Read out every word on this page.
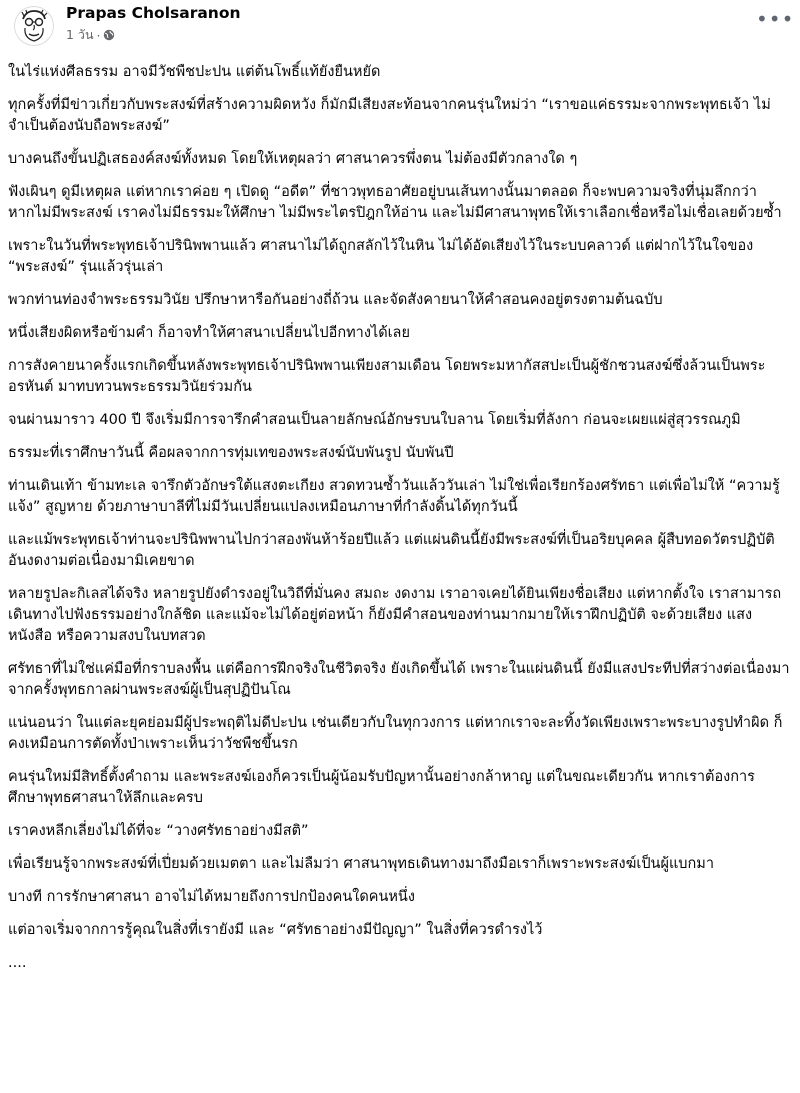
Prapas Cholsaranon
1 วัน ·
•••

ในไร่แห่งศีลธรรม อาจมีวัชพืชปะปน แต่ต้นโพธิ์แท้ยังยืนหยัด

ทุกครั้งที่มีข่าวเกี่ยวกับพระสงฆ์ที่สร้างความผิดหวัง ก็มักมีเสียงสะท้อนจากคนรุ่นใหม่ว่า “เราขอแค่ธรรมะจากพระพุทธเจ้า ไม่จำเป็นต้องนับถือพระสงฆ์”

บางคนถึงขั้นปฏิเสธองค์สงฆ์ทั้งหมด โดยให้เหตุผลว่า ศาสนาควรพึ่งตน ไม่ต้องมีตัวกลางใด ๆ

ฟังเผินๆ ดูมีเหตุผล แต่หากเราค่อย ๆ เปิดดู “อดีต” ที่ชาวพุทธอาศัยอยู่บนเส้นทางนั้นมาตลอด ก็จะพบความจริงที่นุ่มลึกกว่า

หากไม่มีพระสงฆ์ เราคงไม่มีธรรมะให้ศึกษา ไม่มีพระไตรปิฎกให้อ่าน และไม่มีศาสนาพุทธให้เราเลือกเชื่อหรือไม่เชื่อเลยด้วยซ้ำ

เพราะในวันที่พระพุทธเจ้าปรินิพพานแล้ว ศาสนาไม่ได้ถูกสลักไว้ในหิน ไม่ได้อัดเสียงไว้ในระบบคลาวด์ แต่ฝากไว้ในใจของ “พระสงฆ์” รุ่นแล้วรุ่นเล่า

พวกท่านท่องจำพระธรรมวินัย ปรึกษาหารือกันอย่างถี่ถ้วน และจัดสังคายนาให้คำสอนคงอยู่ตรงตามต้นฉบับ

หนึ่งเสียงผิดหรือข้ามคำ ก็อาจทำให้ศาสนาเปลี่ยนไปอีกทางได้เลย

การสังคายนาครั้งแรกเกิดขึ้นหลังพระพุทธเจ้าปรินิพพานเพียงสามเดือน โดยพระมหากัสสปะเป็นผู้ชักชวนสงฆ์ซึ่งล้วนเป็นพระอรหันต์ มาทบทวนพระธรรมวินัยร่วมกัน

จนผ่านมาราว 400 ปี จึงเริ่มมีการจารึกคำสอนเป็นลายลักษณ์อักษรบนใบลาน โดยเริ่มที่ลังกา ก่อนจะเผยแผ่สู่สุวรรณภูมิ

ธรรมะที่เราศึกษาวันนี้ คือผลจากการทุ่มเทของพระสงฆ์นับพันรูป นับพันปี

ท่านเดินเท้า ข้ามทะเล จารึกตัวอักษรใต้แสงตะเกียง สวดทวนซ้ำวันแล้ววันเล่า ไม่ใช่เพื่อเรียกร้องศรัทธา แต่เพื่อไม่ให้ “ความรู้แจ้ง” สูญหาย ด้วยภาษาบาลีที่ไม่มีวันเปลี่ยนแปลงเหมือนภาษาที่กำลังดิ้นได้ทุกวันนี้

และแม้พระพุทธเจ้าท่านจะปรินิพพานไปกว่าสองพันห้าร้อยปีแล้ว แต่แผ่นดินนี้ยังมีพระสงฆ์ที่เป็นอริยบุคคล ผู้สืบทอดวัตรปฏิบัติอันงดงามต่อเนื่องมามิเคยขาด

หลายรูปละกิเลสได้จริง หลายรูปยังดำรงอยู่ในวิถีที่มั่นคง สมถะ งดงาม เราอาจเคยได้ยินเพียงชื่อเสียง แต่หากตั้งใจ เราสามารถเดินทางไปฟังธรรมอย่างใกล้ชิด และแม้จะไม่ได้อยู่ต่อหน้า ก็ยังมีคำสอนของท่านมากมายให้เราฝึกปฏิบัติ จะด้วยเสียง แสง หนังสือ หรือความสงบในบทสวด

ศรัทธาที่ไม่ใช่แค่มือที่กราบลงพื้น แต่คือการฝึกจริงในชีวิตจริง ยังเกิดขึ้นได้ เพราะในแผ่นดินนี้ ยังมีแสงประทีปที่สว่างต่อเนื่องมาจากครั้งพุทธกาลผ่านพระสงฆ์ผู้เป็นสุปฏิปันโณ

แน่นอนว่า ในแต่ละยุคย่อมมีผู้ประพฤติไม่ดีปะปน เช่นเดียวกับในทุกวงการ แต่หากเราจะละทิ้งวัดเพียงเพราะพระบางรูปทำผิด ก็คงเหมือนการตัดทั้งป่าเพราะเห็นว่าวัชพืชขึ้นรก

คนรุ่นใหม่มีสิทธิ์ตั้งคำถาม และพระสงฆ์เองก็ควรเป็นผู้น้อมรับปัญหานั้นอย่างกล้าหาญ แต่ในขณะเดียวกัน หากเราต้องการศึกษาพุทธศาสนาให้ลึกและครบ

เราคงหลีกเลี่ยงไม่ได้ที่จะ “วางศรัทธาอย่างมีสติ”

เพื่อเรียนรู้จากพระสงฆ์ที่เปี่ยมด้วยเมตตา และไม่ลืมว่า ศาสนาพุทธเดินทางมาถึงมือเราก็เพราะพระสงฆ์เป็นผู้แบกมา

บางที การรักษาศาสนา อาจไม่ได้หมายถึงการปกป้องคนใดคนหนึ่ง

แต่อาจเริ่มจากการรู้คุณในสิ่งที่เรายังมี และ “ศรัทธาอย่างมีปัญญา” ในสิ่งที่ควรดำรงไว้

....
